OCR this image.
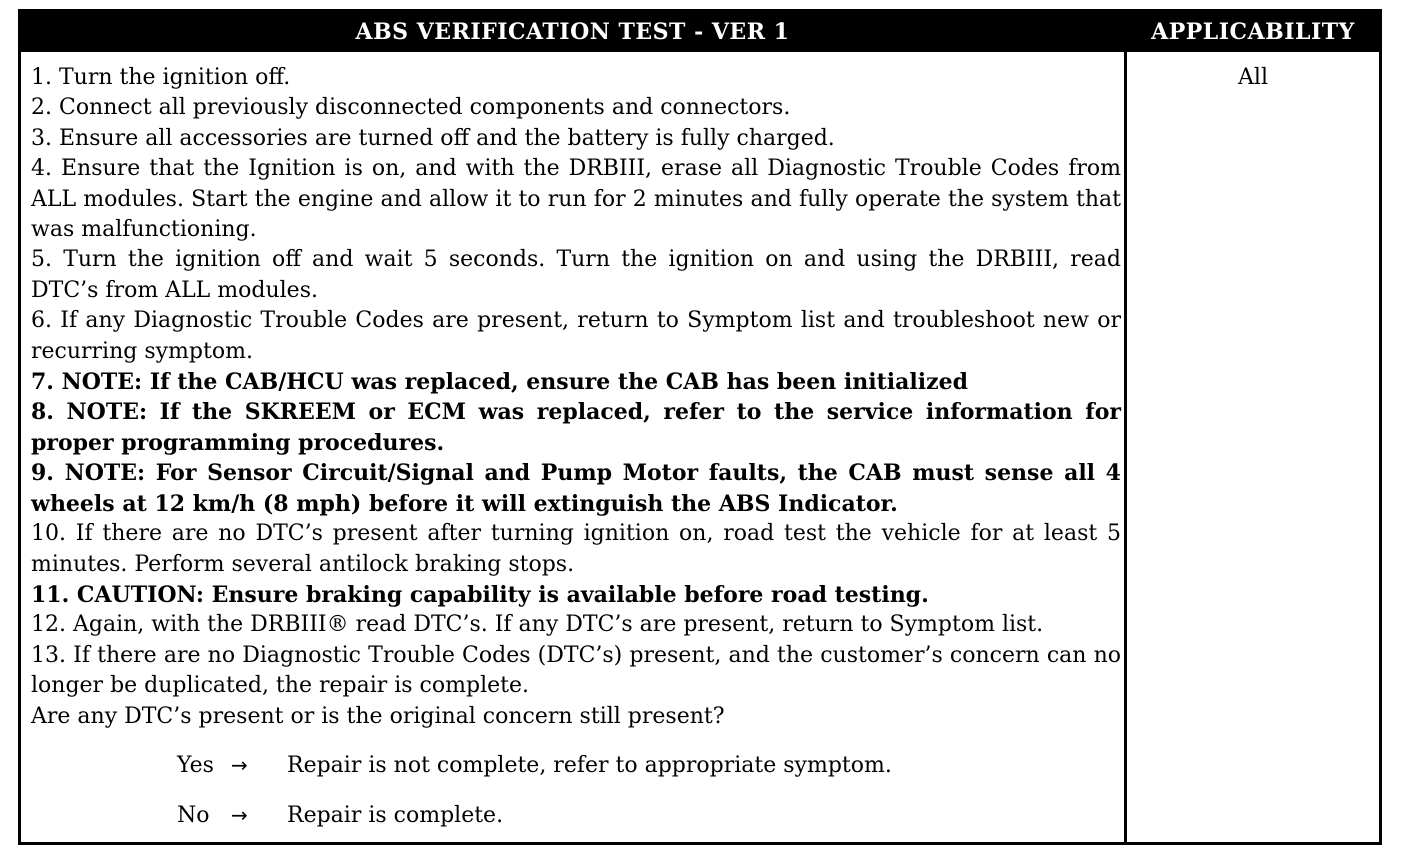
ABS VERIFICATION TEST - VER 1	APPLICABILITY

1. Turn the ignition off.

2. Connect all previously disconnected components and connectors.

3. Ensure all accessories are turned off and the battery is fully charged.

4. Ensure that the Ignition is on, and with the DRBIII, erase all Diagnostic Trouble Codes from ALL modules. Start the engine and allow it to run for 2 minutes and fully operate the system that was malfunctioning.

5. Turn the ignition off and wait 5 seconds. Turn the ignition on and using the DRBIII, read DTC’s from ALL modules.

6. If any Diagnostic Trouble Codes are present, return to Symptom list and troubleshoot new or recurring symptom.

7. NOTE: If the CAB/HCU was replaced, ensure the CAB has been initialized

8. NOTE: If the SKREEM or ECM was replaced, refer to the service information for proper programming procedures.

9. NOTE: For Sensor Circuit/Signal and Pump Motor faults, the CAB must sense all 4 wheels at 12 km/h (8 mph) before it will extinguish the ABS Indicator.

10. If there are no DTC’s present after turning ignition on, road test the vehicle for at least 5 minutes. Perform several antilock braking stops.

11. CAUTION: Ensure braking capability is available before road testing.

12. Again, with the DRBIII® read DTC’s. If any DTC’s are present, return to Symptom list.

13. If there are no Diagnostic Trouble Codes (DTC’s) present, and the customer’s concern can no longer be duplicated, the repair is complete.

Are any DTC’s present or is the original concern still present?

Yes →	Repair is not complete, refer to appropriate symptom.
No	→	Repair is complete.
All
